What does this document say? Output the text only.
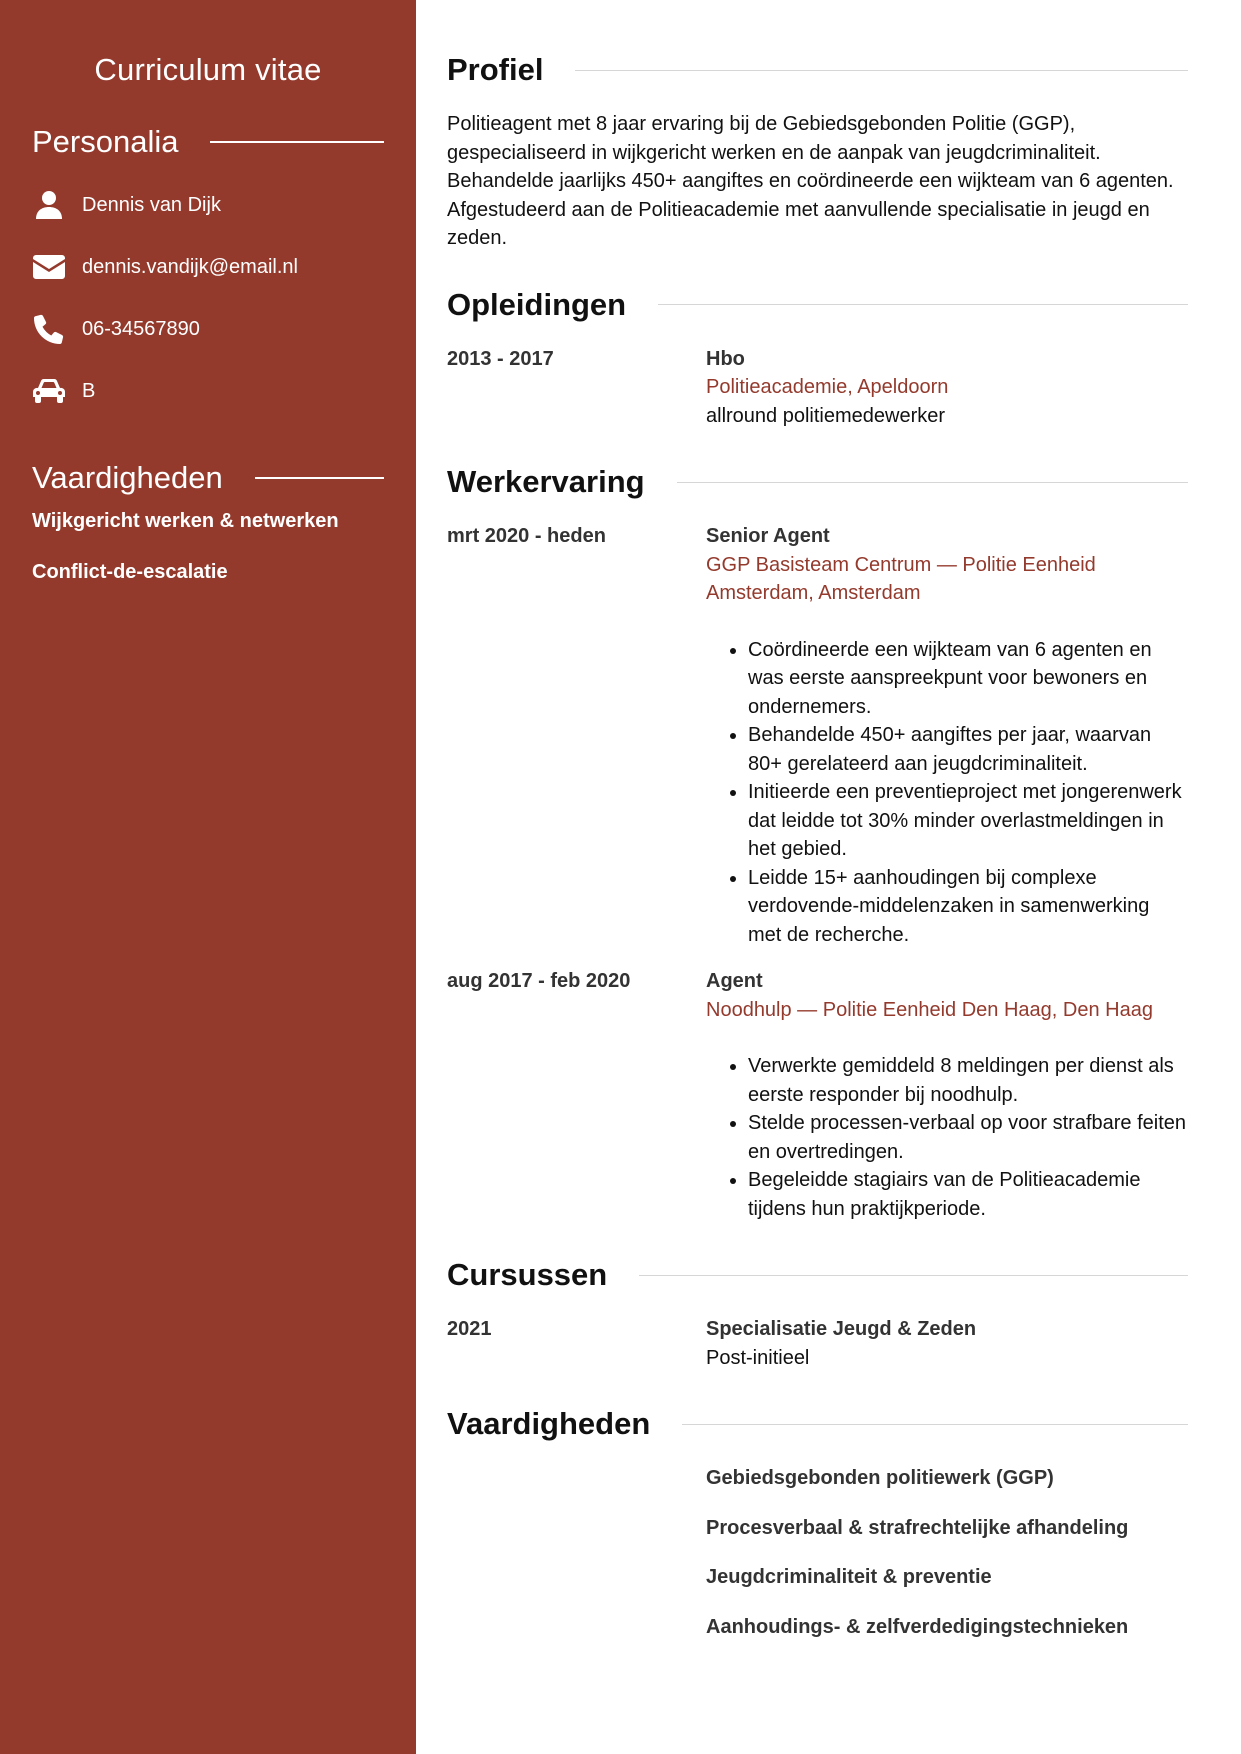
Curriculum vitae
Personalia
Dennis van Dijk
dennis.vandijk@email.nl
06-34567890
B
Vaardigheden
Wijkgericht werken & netwerken
Conflict-de-escalatie
Profiel

Politieagent met 8 jaar ervaring bij de Gebiedsgebonden Politie (GGP), gespecialiseerd in wijkgericht werken en de aanpak van jeugdcriminaliteit. Behandelde jaarlijks 450+ aangiftes en coördineerde een wijkteam van 6 agenten. Afgestudeerd aan de Politieacademie met aanvullende specialisatie in jeugd en zeden.

Opleidingen
2013 - 2017	Hbo
Politieacademie, Apeldoorn
allround politiemedewerker
Werkervaring
mrt 2020 - heden	Senior Agent
GGP Basisteam Centrum — Politie Eenheid Amsterdam, Amsterdam
• Coördineerde een wijkteam van 6 agenten en was eerste aanspreekpunt voor bewoners en ondernemers.
• Behandelde 450+ aangiftes per jaar, waarvan 80+ gerelateerd aan jeugdcriminaliteit.
• Initieerde een preventieproject met jongerenwerk dat leidde tot 30% minder overlastmeldingen in het gebied.
• Leidde 15+ aanhoudingen bij complexe verdovende-middelenzaken in samenwerking met de recherche.
aug 2017 - feb 2020	Agent
Noodhulp — Politie Eenheid Den Haag, Den Haag
• Verwerkte gemiddeld 8 meldingen per dienst als eerste responder bij noodhulp.
• Stelde processen-verbaal op voor strafbare feiten en overtredingen.
• Begeleidde stagiairs van de Politieacademie tijdens hun praktijkperiode.
Cursussen
2021	Specialisatie Jeugd & Zeden
Post-initieel
Vaardigheden
Gebiedsgebonden politiewerk (GGP)
Procesverbaal & strafrechtelijke afhandeling
Jeugdcriminaliteit & preventie
Aanhoudings- & zelfverdedigingstechnieken
